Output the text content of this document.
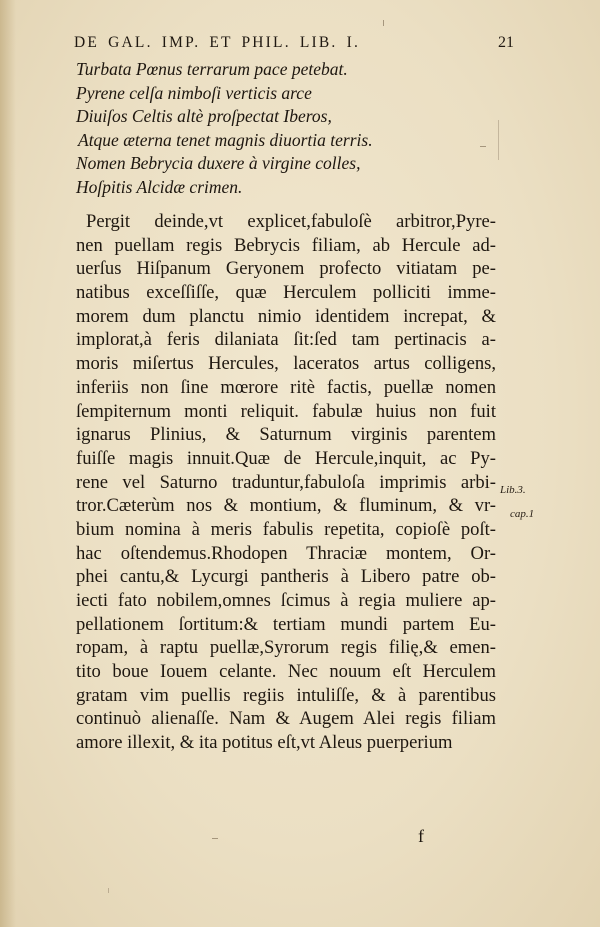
DE GAL. IMP. ET PHIL. LIB. I.	21
Turbata Pœnus terrarum pace petebat.
Pyrene celſa nimboſi verticis arce
Diuiſos Celtis altè proſpectat Iberos,
Atque æterna tenet magnis diuortia terris.
Nomen Bebrycia duxere à virgine colles,
Hoſpitis Alcidæ crimen.
Pergit deinde,vt explicet,fabuloſè arbitror,Pyre-
nen puellam regis Bebrycis filiam, ab Hercule ad-
uerſus Hiſpanum Geryonem profecto vitiatam pe-
natibus exceſſiſſe, quæ Herculem polliciti imme-
morem dum planctu nimio identidem increpat, &
implorat,à feris dilaniata ſit:ſed tam pertinacis a-
moris miſertus Hercules, laceratos artus colligens,
inferiis non ſine mœrore ritè factis, puellæ nomen
ſempiternum monti reliquit. fabulæ huius non fuit
ignarus Plinius, & Saturnum virginis parentem
fuiſſe magis innuit.Quæ de Hercule,inquit, ac Py-
rene vel Saturno traduntur,fabuloſa imprimis arbi-
tror.Cæterùm nos & montium, & fluminum, & vr-
bium nomina à meris fabulis repetita, copioſè poſt-
hac oſtendemus.Rhodopen Thraciæ montem, Or-
phei cantu,& Lycurgi pantheris à Libero patre ob-
iecti fato nobilem,omnes ſcimus à regia muliere ap-
pellationem ſortitum:& tertiam mundi partem Eu-
ropam, à raptu puellæ,Syrorum regis filię,& emen-
tito boue Iouem celante. Nec nouum eſt Herculem
gratam vim puellis regiis intuliſſe, & à parentibus
continuò alienaſſe. Nam & Augem Alei regis filiam
amore illexit, & ita potitus eſt,vt Aleus puerperium
Lib.3.
cap.1
f
